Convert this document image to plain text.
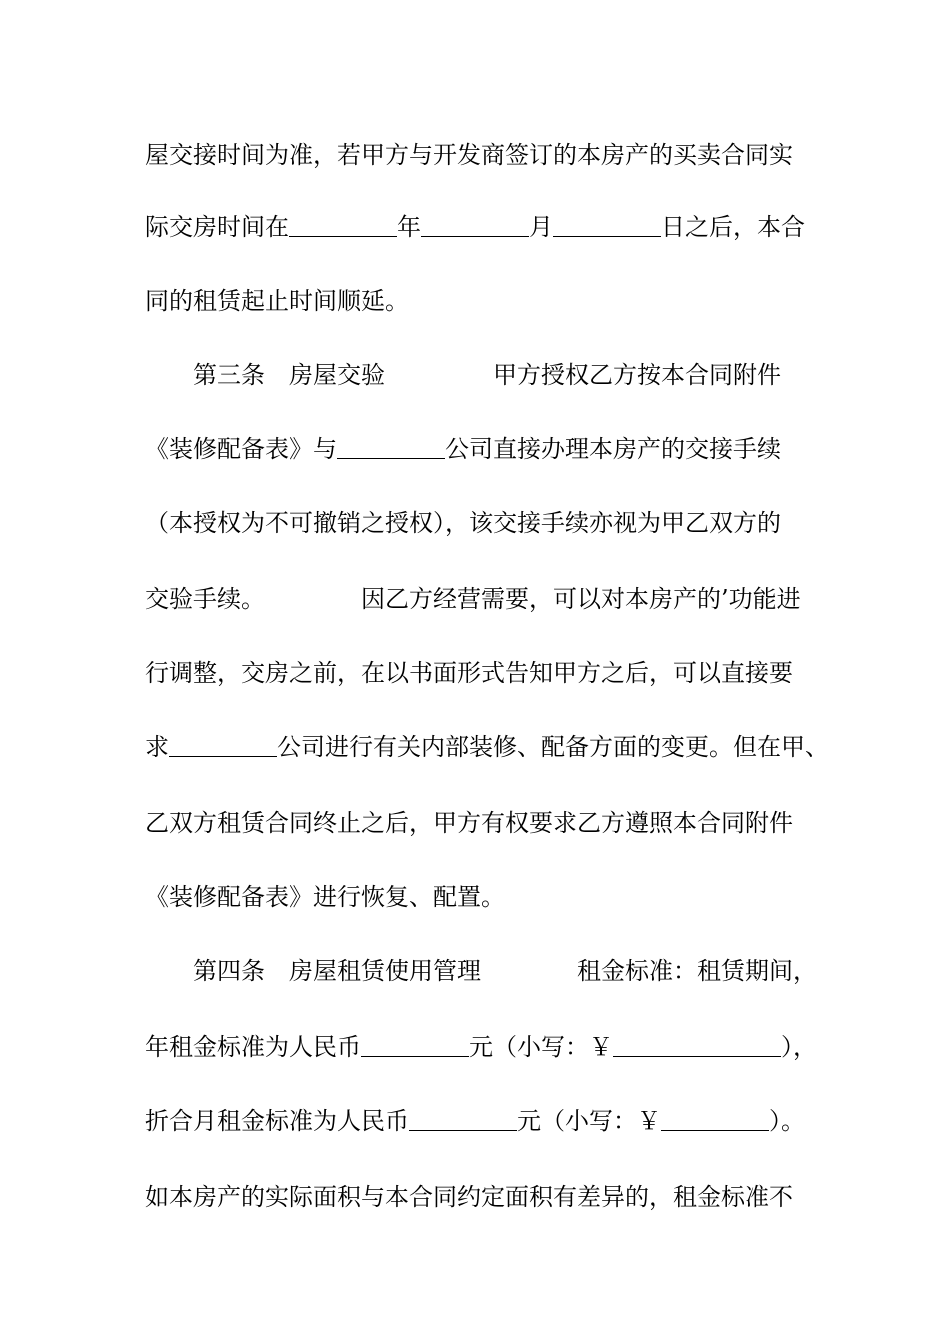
屋交接时间为准，若甲方与开发商签订的本房产的买卖合同实
际交房时间在	年	月	日之后，本合
同的租赁起止时间顺延。
第三条 房屋交验	甲方授权乙方按本合同附件
《装修配备表》与	公司直接办理本房产的交接手续
（本授权为不可撤销之授权），该交接手续亦视为甲乙双方的
交验手续。	因乙方经营需要，可以对本房产的’功能进
行调整，交房之前，在以书面形式告知甲方之后，可以直接要
求	公司进行有关内部装修、配备方面的变更。但在甲、
乙双方租赁合同终止之后，甲方有权要求乙方遵照本合同附件
《装修配备表》进行恢复、配置。
第四条 房屋租赁使用管理	租金标准：租赁期间，
年租金标准为人民币	元（小写：￥	），
折合月租金标准为人民币	元（小写：￥	）。
如本房产的实际面积与本合同约定面积有差异的，租金标准不
